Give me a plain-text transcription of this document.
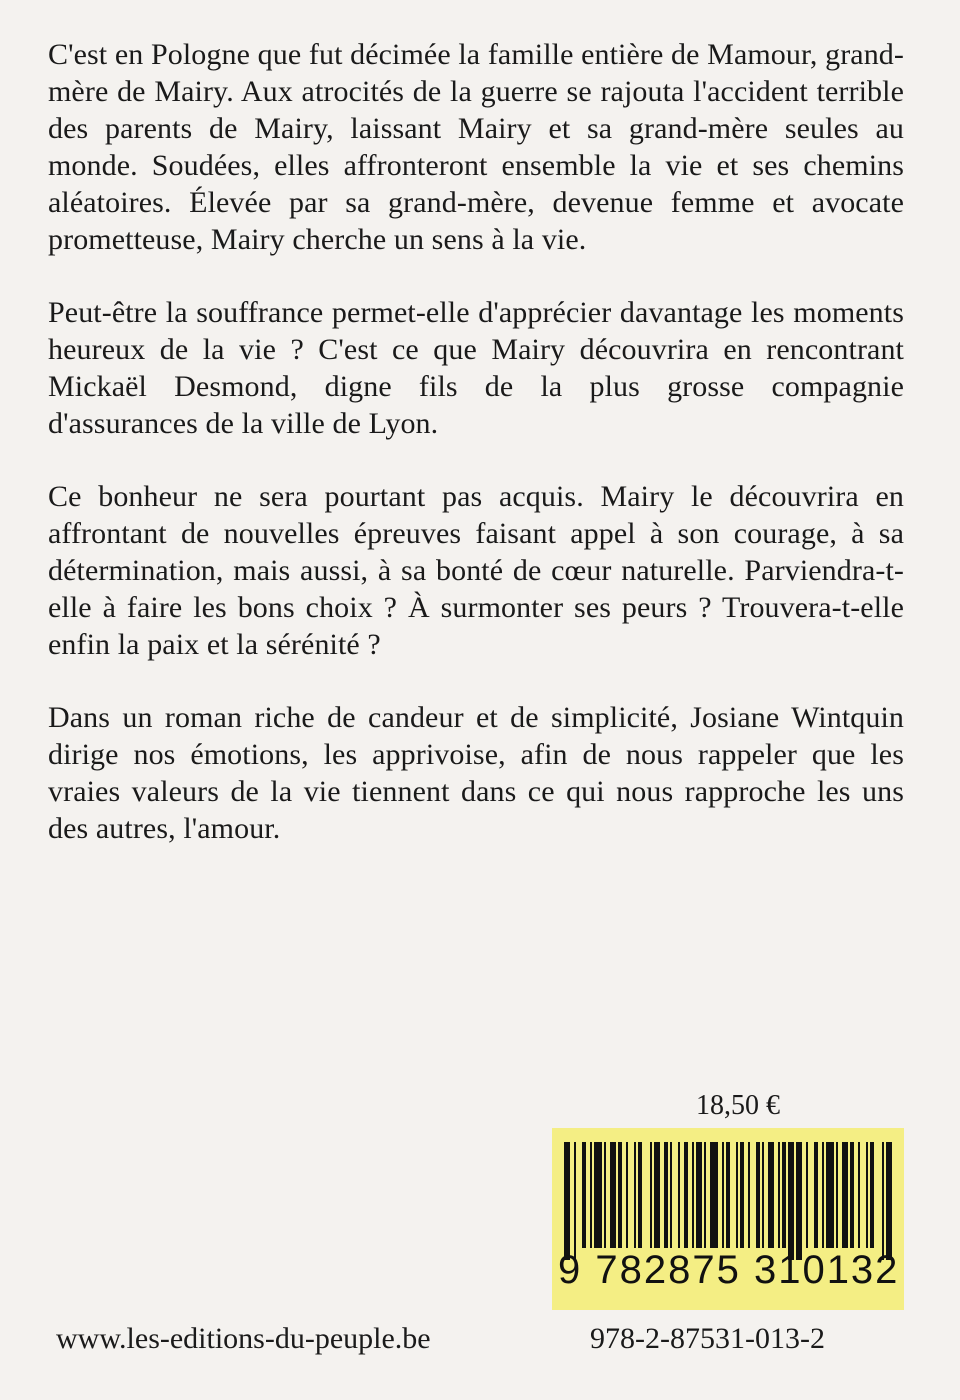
C'est en Pologne que fut décimée la famille entière de Mamour, grand-mère de Mairy. Aux atrocités de la guerre se rajouta l'accident terrible des parents de Mairy, laissant Mairy et sa grand-mère seules au monde. Soudées, elles affronteront ensemble la vie et ses chemins aléatoires. Élevée par sa grand-mère, devenue femme et avocate prometteuse, Mairy cherche un sens à la vie.

Peut-être la souffrance permet-elle d'apprécier davantage les moments heureux de la vie ? C'est ce que Mairy découvrira en rencontrant Mickaël Desmond, digne fils de la plus grosse compagnie d'assurances de la ville de Lyon.

Ce bonheur ne sera pourtant pas acquis. Mairy le découvrira en affrontant de nouvelles épreuves faisant appel à son courage, à sa détermination, mais aussi, à sa bonté de cœur naturelle. Parviendra-t-elle à faire les bons choix ? À surmonter ses peurs ? Trouvera-t-elle enfin la paix et la sérénité ?

Dans un roman riche de candeur et de simplicité, Josiane Wintquin dirige nos émotions, les apprivoise, afin de nous rappeler que les vraies valeurs de la vie tiennent dans ce qui nous rapproche les uns des autres, l'amour.

18,50 €
9 782875 310132
www.les-editions-du-peuple.be	978-2-87531-013-2
